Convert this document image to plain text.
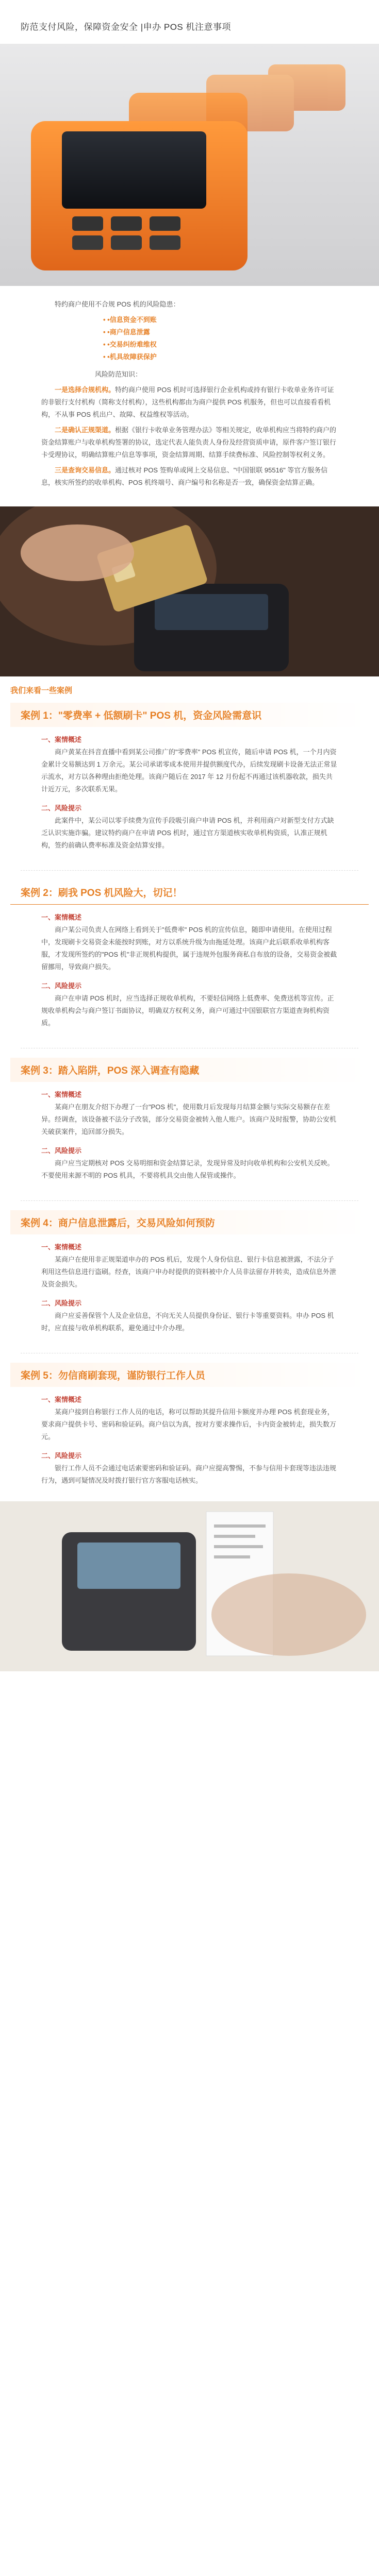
防范支付风险，保障资金安全 |申办 POS 机注意事项

特约商户使用不合规 POS 机的风险隐患：

• •信息资金不到账
• •商户信息泄露
• •交易纠纷难维权
• •机具故障获保护

风险防范知识：

一是选择合规机构。特约商户使用 POS 机时可选择银行企业机构或持有银行卡收单业务许可证的非银行支付机构（简称支付机构），这些机构都由为商户提供 POS 机服务，但也可以直接看看机构，不从事 POS 机出户、故障、权益维权等活动。

二是确认正规渠道。根据《银行卡收单业务管理办法》等相关规定，收单机构应当将特约商户的资金结算账户与收单机构签署的协议，选定代表人能负责人身份及经营资质申请，原件客户签订银行卡受理协议，明确结算账户信息等事项，资金结算周期、结算手续费标准、风险控制等权利义务。

三是查询交易信息。通过核对 POS 签购单或网上交易信息、"中国银联 95516" 等官方服务信息，核实所签约的收单机构、POS 机终端号、商户编号和名称是否一致，确保资金结算正确。

我们来看一些案例
案例 1："零费率 + 低额刷卡" POS 机，资金风险需意识

一、案情概述

商户黄某在抖音直播中看到某公司推广的"零费率" POS 机宣传，随后申请 POS 机，一个月内资金累计交易额达到 1 万余元。某公司承诺零成本使用并提供额度代办，后续发现刷卡设备无法正常显示流水，对方以各种理由拒绝处理。该商户随后在 2017 年 12 月份起不再通过该机器收款，损失共计近万元，多次联系无果。

二、风险提示

此案件中，某公司以零手续费为宣传手段吸引商户申请 POS 机，并利用商户对新型支付方式缺乏认识实施诈骗。建议特约商户在申请 POS 机时，通过官方渠道核实收单机构资质，认准正规机构，签约前确认费率标准及资金结算安排。

案例 2：刷我 POS 机风险大，切记！

一、案情概述

商户某公司负责人在网络上看到关于"低费率" POS 机的宣传信息，随即申请使用。在使用过程中，发现刷卡交易资金未能按时到账，对方以系统升级为由拖延处理。该商户此后联系收单机构客服，才发现所签约的"POS 机"非正规机构提供，属于违规外包服务商私自布放的设备，交易资金被截留挪用，导致商户损失。

二、风险提示

商户在申请 POS 机时，应当选择正规收单机构，不要轻信网络上低费率、免费送机等宣传。正规收单机构会与商户签订书面协议，明确双方权利义务，商户可通过中国银联官方渠道查询机构资质。

案例 3：踏入陷阱，POS 深入调查有隐藏

一、案情概述

某商户在朋友介绍下办理了一台"POS 机"，使用数月后发现每月结算金额与实际交易额存在差异。经调查，该设备被不法分子改装，部分交易资金被转入他人账户。该商户及时报警，协助公安机关破获案件，追回部分损失。

二、风险提示

商户应当定期核对 POS 交易明细和资金结算记录，发现异常及时向收单机构和公安机关反映。不要使用来源不明的 POS 机具，不要将机具交由他人保管或操作。

案例 4：商户信息泄露后，交易风险如何预防

一、案情概述

某商户在使用非正规渠道申办的 POS 机后，发现个人身份信息、银行卡信息被泄露，不法分子利用这些信息进行盗刷。经查，该商户申办时提供的资料被中介人员非法留存并转卖，造成信息外泄及资金损失。

二、风险提示

商户应妥善保管个人及企业信息，不向无关人员提供身份证、银行卡等重要资料。申办 POS 机时，应直接与收单机构联系，避免通过中介办理。

案例 5：勿信商刷套现，谨防银行工作人员

一、案情概述

某商户接到自称银行工作人员的电话，称可以帮助其提升信用卡额度并办理 POS 机套现业务，要求商户提供卡号、密码和验证码。商户信以为真，按对方要求操作后，卡内资金被转走，损失数万元。

二、风险提示

银行工作人员不会通过电话索要密码和验证码。商户应提高警惕，不参与信用卡套现等违法违规行为，遇到可疑情况及时拨打银行官方客服电话核实。
